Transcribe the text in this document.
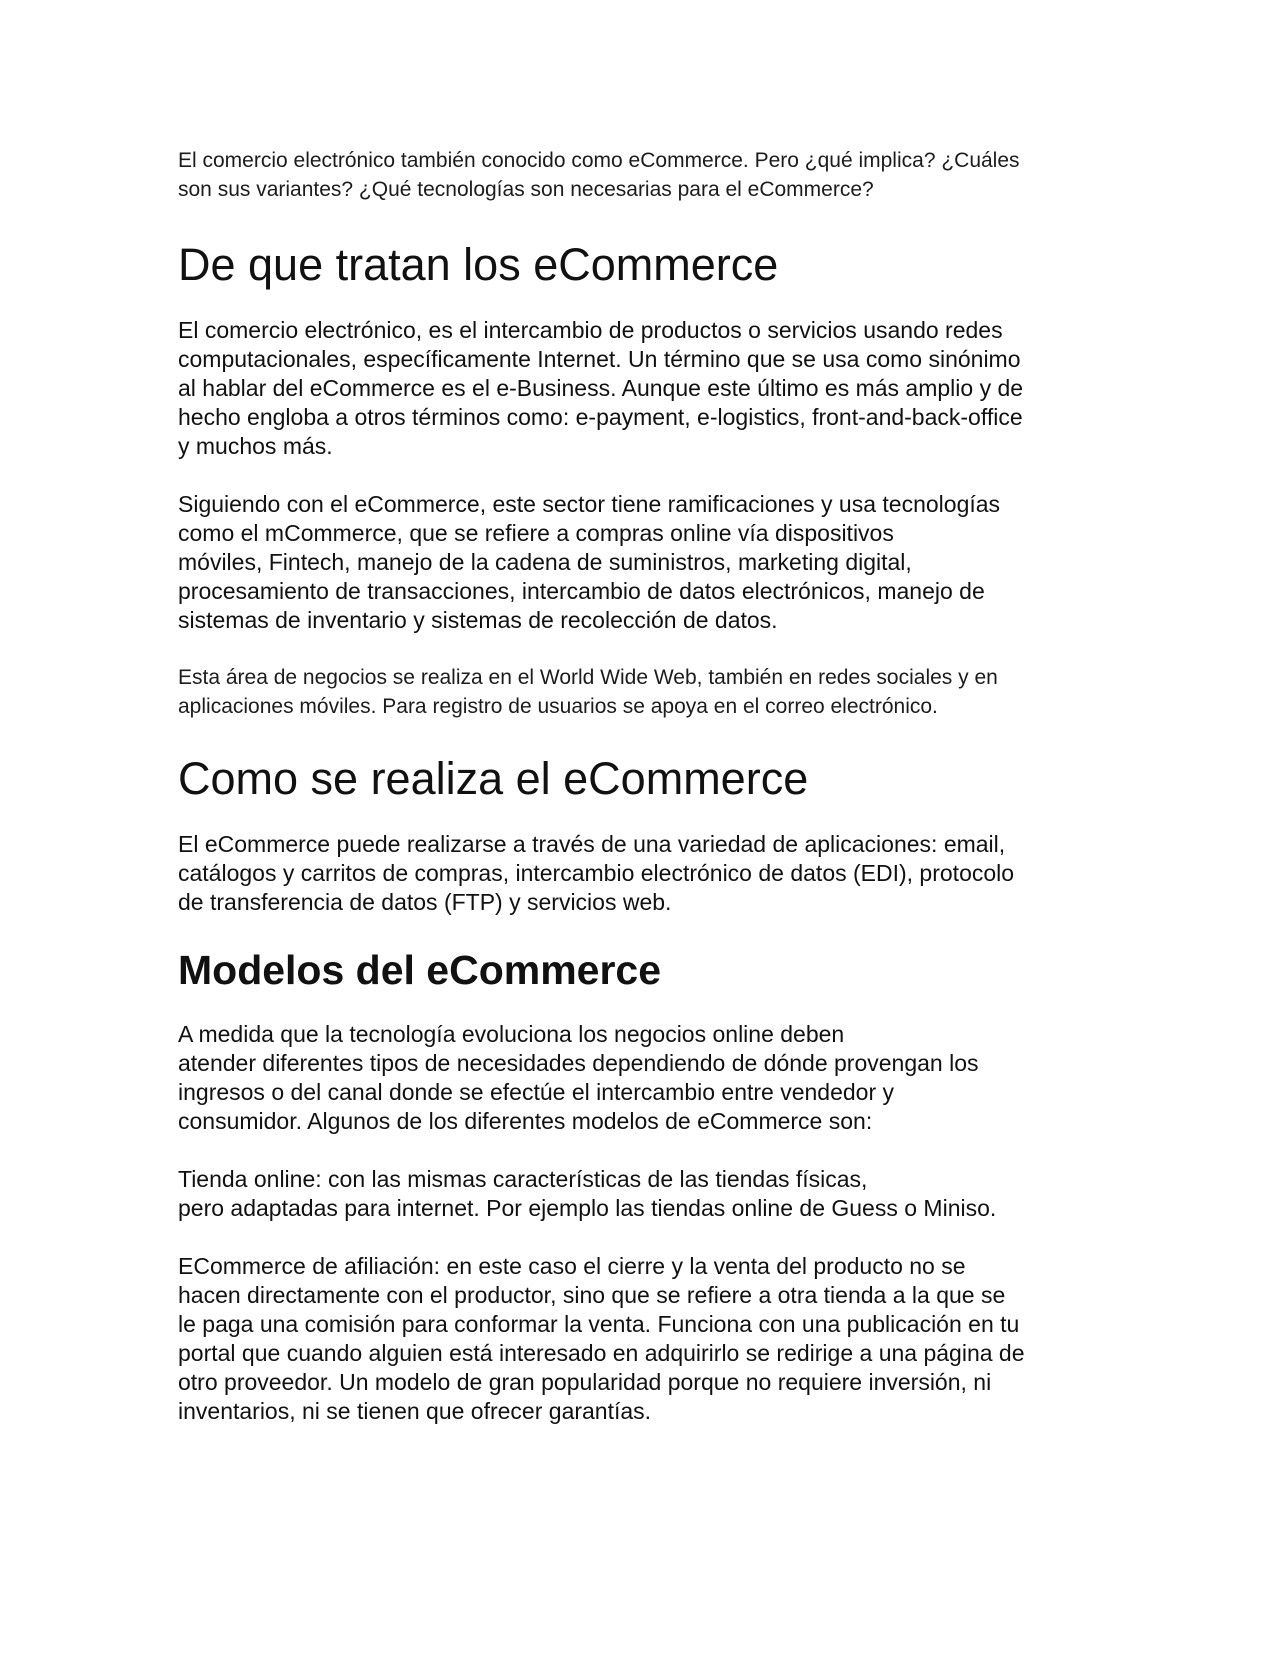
El comercio electrónico también conocido como eCommerce. Pero ¿qué implica? ¿Cuáles
son sus variantes? ¿Qué tecnologías son necesarias para el eCommerce?

De que tratan los eCommerce

El comercio electrónico, es el intercambio de productos o servicios usando redes
computacionales, específicamente Internet. Un término que se usa como sinónimo
al hablar del eCommerce es el e-Business. Aunque este último es más amplio y de
hecho engloba a otros términos como: e-payment, e-logistics, front-and-back-office
y muchos más.

Siguiendo con el eCommerce, este sector tiene ramificaciones y usa tecnologías
como el mCommerce, que se refiere a compras online vía dispositivos
móviles, Fintech, manejo de la cadena de suministros, marketing digital,
procesamiento de transacciones, intercambio de datos electrónicos, manejo de
sistemas de inventario y sistemas de recolección de datos.

Esta área de negocios se realiza en el World Wide Web, también en redes sociales y en
aplicaciones móviles. Para registro de usuarios se apoya en el correo electrónico.

Como se realiza el eCommerce

El eCommerce puede realizarse a través de una variedad de aplicaciones: email,
catálogos y carritos de compras, intercambio electrónico de datos (EDI), protocolo
de transferencia de datos (FTP) y servicios web.

Modelos del eCommerce

A medida que la tecnología evoluciona los negocios online deben
atender diferentes tipos de necesidades dependiendo de dónde provengan los
ingresos o del canal donde se efectúe el intercambio entre vendedor y
consumidor. Algunos de los diferentes modelos de eCommerce son:

Tienda online: con las mismas características de las tiendas físicas,
pero adaptadas para internet. Por ejemplo las tiendas online de Guess o Miniso.

ECommerce de afiliación: en este caso el cierre y la venta del producto no se
hacen directamente con el productor, sino que se refiere a otra tienda a la que se
le paga una comisión para conformar la venta. Funciona con una publicación en tu
portal que cuando alguien está interesado en adquirirlo se redirige a una página de
otro proveedor. Un modelo de gran popularidad porque no requiere inversión, ni
inventarios, ni se tienen que ofrecer garantías.
